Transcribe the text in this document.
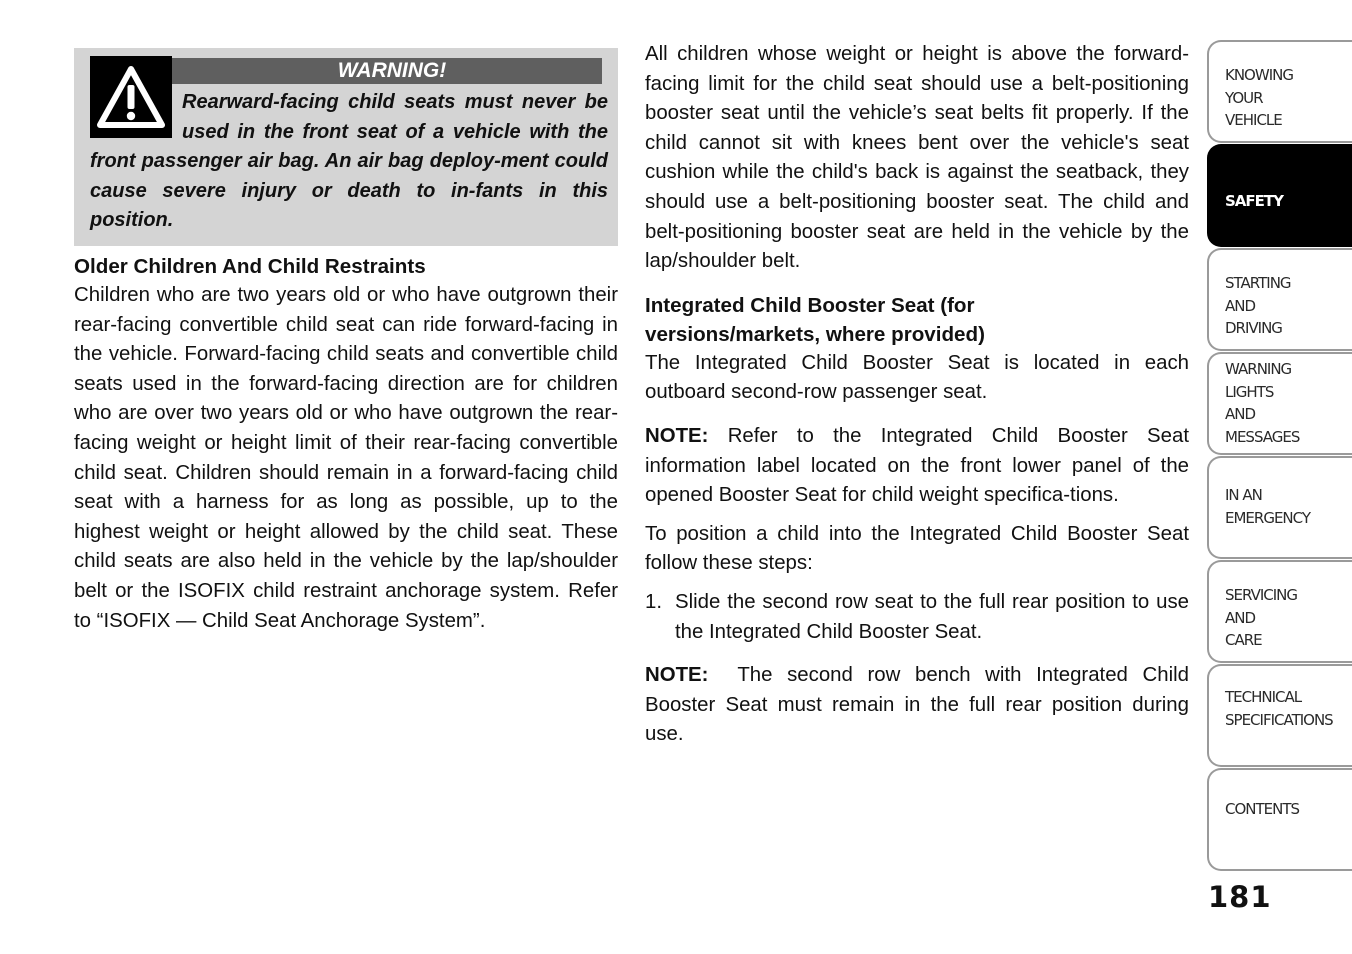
WARNING!
Rearward-facing child seats must never be used in the front seat of a vehicle with the front passenger air bag. An air bag deploy-ment could cause severe injury or death to in-fants in this position.
Older Children And Child Restraints

Children who are two years old or who have outgrown their rear-facing convertible child seat can ride forward-facing in the vehicle. Forward-facing child seats and convertible child seats used in the forward-facing direction are for children who are over two years old or who have outgrown the rear-facing weight or height limit of their rear-facing convertible child seat. Children should remain in a forward-facing child seat with a harness for as long as possible, up to the highest weight or height allowed by the child seat. These child seats are also held in the vehicle by the lap/shoulder belt or the ISOFIX child restraint anchorage system. Refer to “ISOFIX — Child Seat Anchorage System”.

All children whose weight or height is above the forward-facing limit for the child seat should use a belt-positioning booster seat until the vehicle’s seat belts fit properly. If the child cannot sit with knees bent over the vehicle's seat cushion while the child's back is against the seatback, they should use a belt-positioning booster seat. The child and belt-positioning booster seat are held in the vehicle by the lap/shoulder belt.

Integrated Child Booster Seat (for versions/markets, where provided)

The Integrated Child Booster Seat is located in each outboard second-row passenger seat.

NOTE: Refer to the Integrated Child Booster Seat information label located on the front lower panel of the opened Booster Seat for child weight specifica-tions.

To position a child into the Integrated Child Booster Seat follow these steps:

1. Slide the second row seat to the full rear position to use the Integrated Child Booster Seat.

NOTE: The second row bench with Integrated Child Booster Seat must remain in the full rear position during use.

KNOWING
YOUR
VEHICLE
SAFETY
STARTING
AND
DRIVING
WARNING
LIGHTS
AND
MESSAGES
IN AN
EMERGENCY
SERVICING
AND
CARE
TECHNICAL
SPECIFICATIONS
CONTENTS
181
